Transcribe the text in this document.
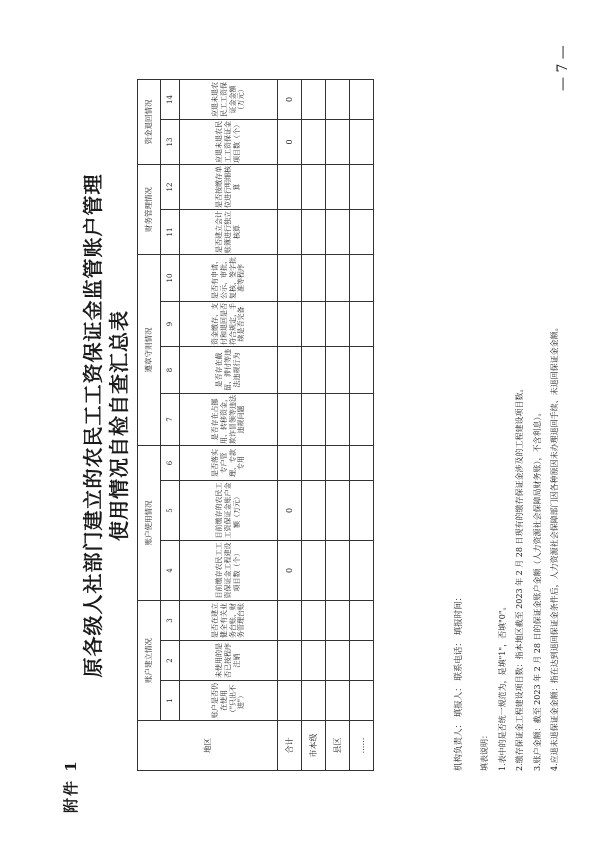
附件 1
原各级人社部门建立的农民工工资保证金监管账户管理 使用情况自检自查汇总表
地区	账户建立情况			账户使用情况			遵章守则情况				财务管理情况		资金退回情况	
	1	2	3	4	5	6	7	8	9	10	11	12	13	14
	账户是否仍在使用（"只出不进"）	未使用的是否已按程序注销	是否在建立健全有关业务台账、财务管理台账	目前缴存农民工工资保证金工程建设项目数（个）	目前缴存的农民工工资保证金账户金额（万元）	是否落实专户管理、专款专用	是否存在占挪用、转移资金，欺诈冒领等违法违规问题	是否存在截留、滞付等违法违规行为	资金缴存、支付和退回是否符合规定，手续是否完备	是否有申请、公示、审批、复核、签字批准等程序	是否建立会计账簿进行独立核算	是否按缴存单位进行明细核算	应退未退农民工工资保证金项目数（个）	应退未退农民工工资保证金金额（万元）
合计				0	0								0	0
市本级														
县区														
……															机构负责人： 填报人： 联系电话： 填报时间：	填表说明：	1.表中的是否统一规范为，是填"1"，否填"0"。	2.缴存保证金工程建设项目数：指本地区截至 2023 年 2 月 28 日现有的缴存保证金涉及的工程建设项目数。	3.账户金额：截至 2023 年 2 月 28 日的保证金账户金额（人力资源社会保障局财务账），不含利息）。	4.应退未退保证金金额：指在达到退回保证金条件后，人力资源社会保障部门因各种原因未办理退回手续、未退回保证金金额。
— 7 —
